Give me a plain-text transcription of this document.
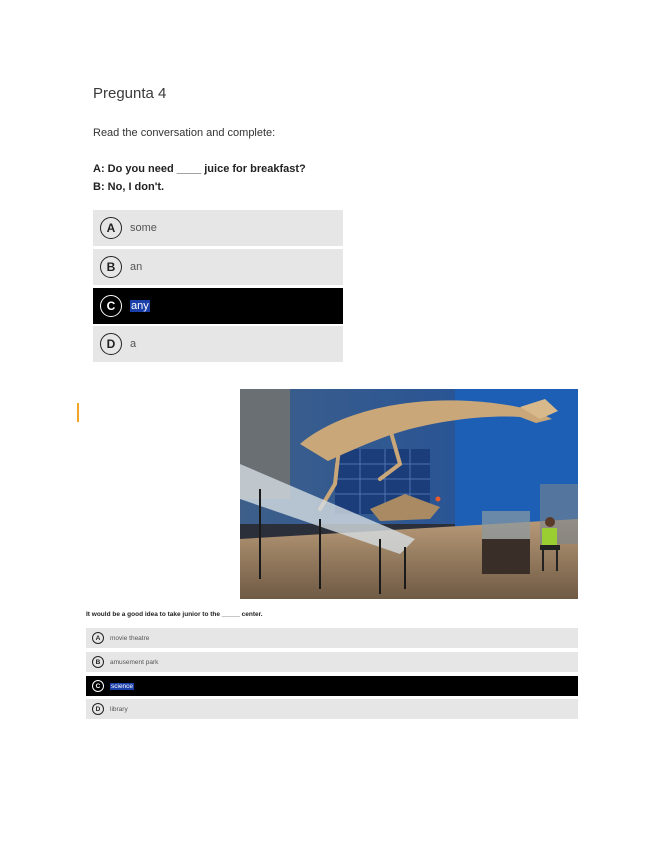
Pregunta 4
Read the conversation and complete:
A: Do you need ____ juice for breakfast?
B: No, I don't.
A	some
B	an
C	any
D	a
It would be a good idea to take junior to the _____ center.
A	movie theatre
B	amusement park
C	science
D	library
